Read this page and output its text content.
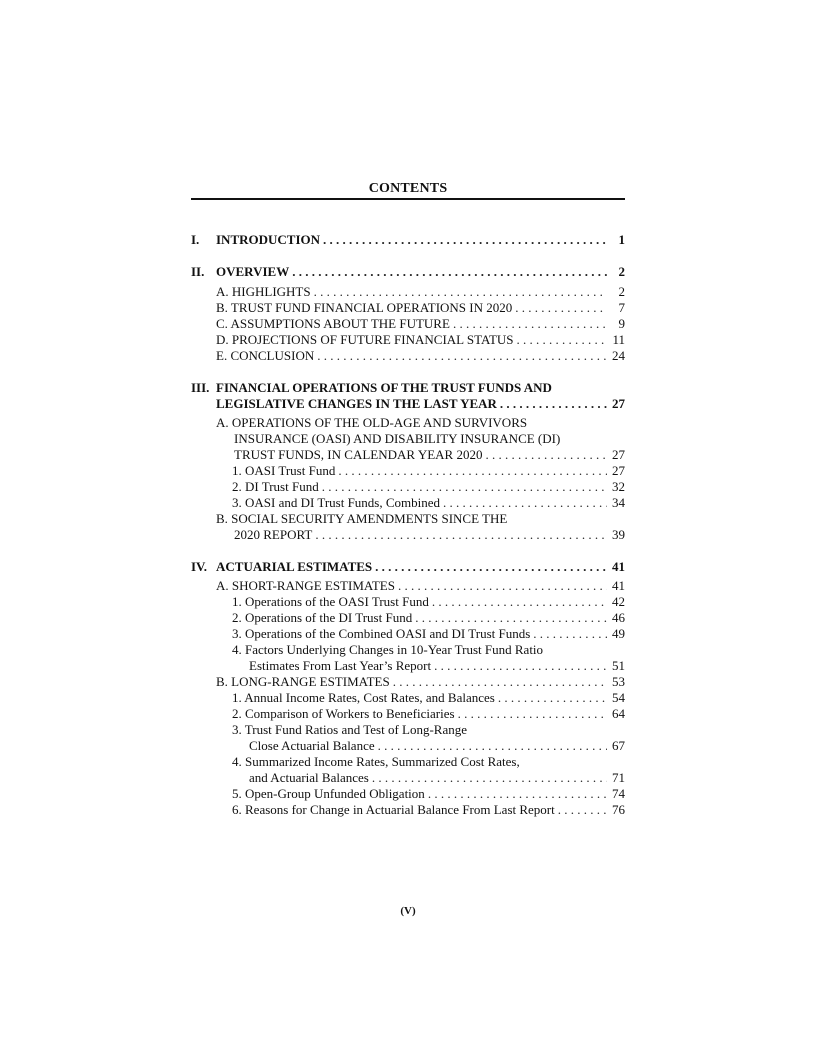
CONTENTS
I.	INTRODUCTION . . .	1
II. OVERVIEW . . .	2
A. HIGHLIGHTS . . .	2
B. TRUST FUND FINANCIAL OPERATIONS IN 2020 . . .	7
C. ASSUMPTIONS ABOUT THE FUTURE . . .	9
D. PROJECTIONS OF FUTURE FINANCIAL STATUS . . .	11
E. CONCLUSION . . .	24
III. FINANCIAL OPERATIONS OF THE TRUST FUNDS AND
LEGISLATIVE CHANGES IN THE LAST YEAR . . .	27
A. OPERATIONS OF THE OLD-AGE AND SURVIVORS
INSURANCE (OASI) AND DISABILITY INSURANCE (DI)
TRUST FUNDS, IN CALENDAR YEAR 2020 . . .	27
1. OASI Trust Fund . . .	27
2. DI Trust Fund . . .	32
3. OASI and DI Trust Funds, Combined . . .	34
B. SOCIAL SECURITY AMENDMENTS SINCE THE
2020 REPORT . . .	39
IV. ACTUARIAL ESTIMATES . . .	41
A. SHORT-RANGE ESTIMATES . . .	41
1. Operations of the OASI Trust Fund . . .	42
2. Operations of the DI Trust Fund . . .	46
3. Operations of the Combined OASI and DI Trust Funds . . .	49
4. Factors Underlying Changes in 10-Year Trust Fund Ratio
Estimates From Last Year’s Report . . .	51
B. LONG-RANGE ESTIMATES . . .	53
1. Annual Income Rates, Cost Rates, and Balances . . .	54
2. Comparison of Workers to Beneficiaries . . .	64
3. Trust Fund Ratios and Test of Long-Range
Close Actuarial Balance . . .	67
4. Summarized Income Rates, Summarized Cost Rates,
and Actuarial Balances . . .	71
5. Open-Group Unfunded Obligation . . .	74
6. Reasons for Change in Actuarial Balance From Last Report . . .	76
(V)
